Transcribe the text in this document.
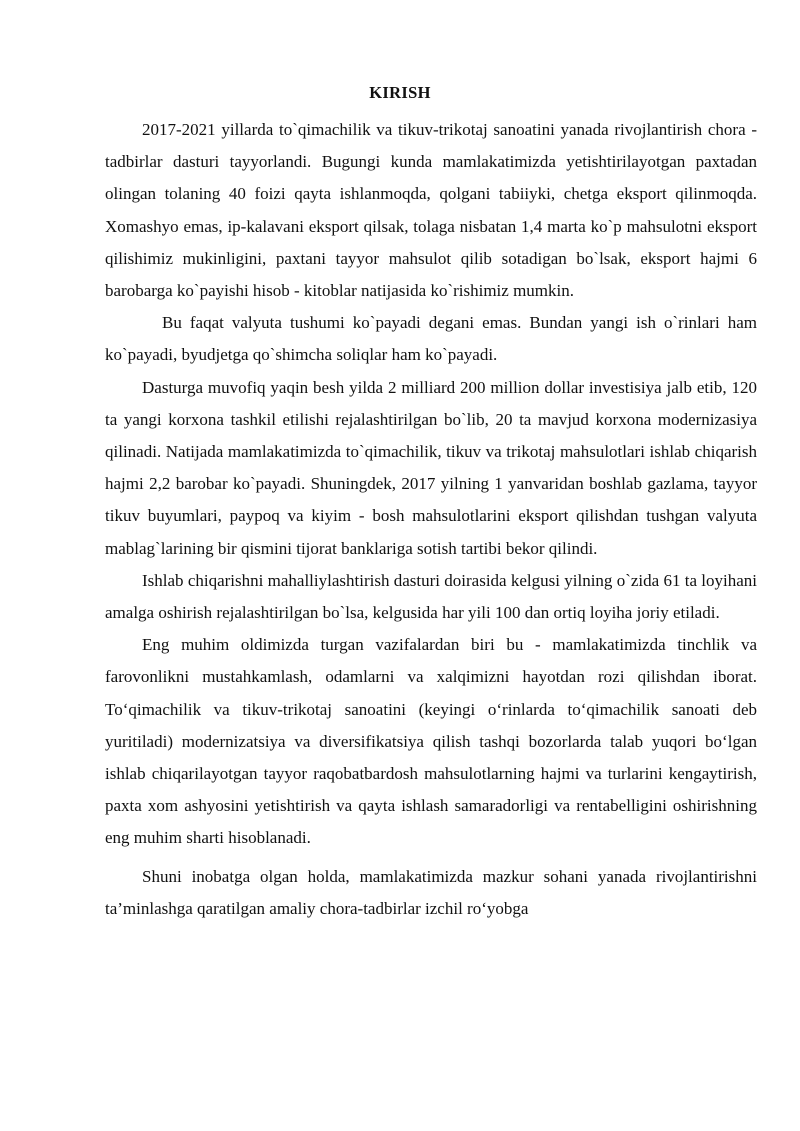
KIRISH

2017-2021 yillarda to`qimachilik va tikuv-trikotaj sanoatini yanada rivojlantirish chora - tadbirlar dasturi tayyorlandi. Bugungi kunda mamlakatimizda yetishtirilayotgan paxtadan olingan tolaning 40 foizi qayta ishlanmoqda, qolgani tabiiyki, chetga eksport qilinmoqda. Xomashyo emas, ip-kalavani eksport qilsak, tolaga nisbatan 1,4 marta ko`p mahsulotni eksport qilishimiz mukinligini, paxtani tayyor mahsulot qilib sotadigan bo`lsak, eksport hajmi 6 barobarga ko`payishi hisob - kitoblar natijasida ko`rishimiz mumkin.

Bu faqat valyuta tushumi ko`payadi degani emas. Bundan yangi ish o`rinlari ham ko`payadi, byudjetga qo`shimcha soliqlar ham ko`payadi.

Dasturga muvofiq yaqin besh yilda 2 milliard 200 million dollar investisiya jalb etib, 120 ta yangi korxona tashkil etilishi rejalashtirilgan bo`lib, 20 ta mavjud korxona modernizasiya qilinadi. Natijada mamlakatimizda to`qimachilik, tikuv va trikotaj mahsulotlari ishlab chiqarish hajmi 2,2 barobar ko`payadi. Shuningdek, 2017 yilning 1 yanvaridan boshlab gazlama, tayyor tikuv buyumlari, paypoq va kiyim - bosh mahsulotlarini eksport qilishdan tushgan valyuta mablag`larining bir qismini tijorat banklariga sotish tartibi bekor qilindi.

Ishlab chiqarishni mahalliylashtirish dasturi doirasida kelgusi yilning o`zida 61 ta loyihani amalga oshirish rejalashtirilgan bo`lsa, kelgusida har yili 100 dan ortiq loyiha joriy etiladi.

Eng muhim oldimizda turgan vazifalardan biri bu - mamlakatimizda tinchlik va farovonlikni mustahkamlash, odamlarni va xalqimizni hayotdan rozi qilishdan iborat. To‘qimachilik va tikuv-trikotaj sanoatini (keyingi o‘rinlarda to‘qimachilik sanoati deb yuritiladi) modernizatsiya va diversifikatsiya qilish tashqi bozorlarda talab yuqori bo‘lgan ishlab chiqarilayotgan tayyor raqobatbardosh mahsulotlarning hajmi va turlarini kengaytirish, paxta xom ashyosini yetishtirish va qayta ishlash samaradorligi va rentabelligini oshirishning eng muhim sharti hisoblanadi.

Shuni inobatga olgan holda, mamlakatimizda mazkur sohani yanada rivojlantirishni ta’minlashga qaratilgan amaliy chora-tadbirlar izchil ro‘yobga
